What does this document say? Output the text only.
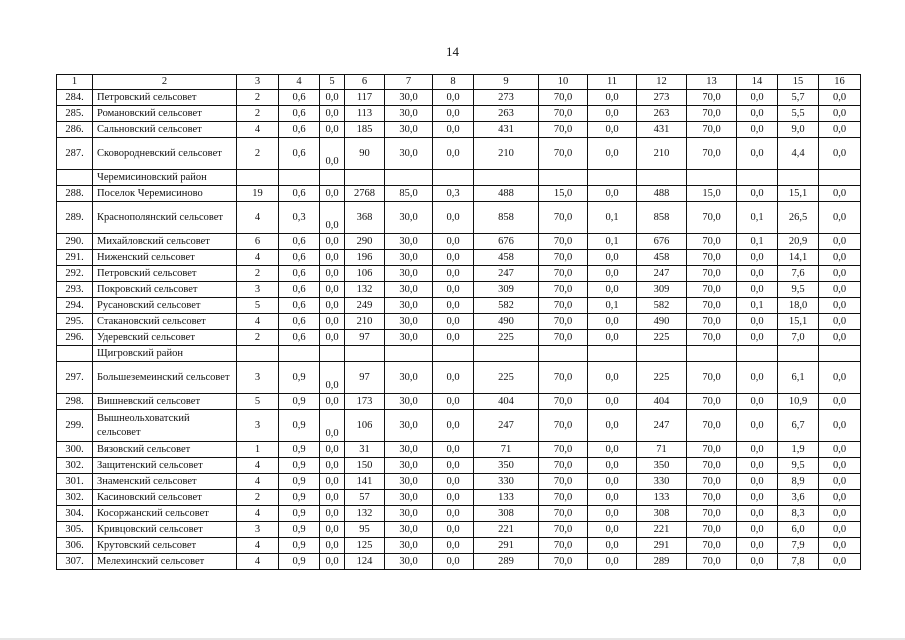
14
1	2	3	4	5	6	7	8	9	10	11	12	13	14	15	16
284.	Петровский сельсовет	2	0,6	0,0	117	30,0	0,0	273	70,0	0,0	273	70,0	0,0	5,7	0,0
285.	Романовский сельсовет	2	0,6	0,0	113	30,0	0,0	263	70,0	0,0	263	70,0	0,0	5,5	0,0
286.	Сальновский сельсовет	4	0,6	0,0	185	30,0	0,0	431	70,0	0,0	431	70,0	0,0	9,0	0,0
287.	Сковородневский сельсовет	2	0,6	0,0	90	30,0	0,0	210	70,0	0,0	210	70,0	0,0	4,4	0,0
	Черемисиновский район														
288.	Поселок Черемисиново	19	0,6	0,0	2768	85,0	0,3	488	15,0	0,0	488	15,0	0,0	15,1	0,0
289.	Краснополянский сельсовет	4	0,3	0,0	368	30,0	0,0	858	70,0	0,1	858	70,0	0,1	26,5	0,0
290.	Михайловский сельсовет	6	0,6	0,0	290	30,0	0,0	676	70,0	0,1	676	70,0	0,1	20,9	0,0
291.	Ниженский сельсовет	4	0,6	0,0	196	30,0	0,0	458	70,0	0,0	458	70,0	0,0	14,1	0,0
292.	Петровский сельсовет	2	0,6	0,0	106	30,0	0,0	247	70,0	0,0	247	70,0	0,0	7,6	0,0
293.	Покровский сельсовет	3	0,6	0,0	132	30,0	0,0	309	70,0	0,0	309	70,0	0,0	9,5	0,0
294.	Русановский сельсовет	5	0,6	0,0	249	30,0	0,0	582	70,0	0,1	582	70,0	0,1	18,0	0,0
295.	Стакановский сельсовет	4	0,6	0,0	210	30,0	0,0	490	70,0	0,0	490	70,0	0,0	15,1	0,0
296.	Удеревский сельсовет	2	0,6	0,0	97	30,0	0,0	225	70,0	0,0	225	70,0	0,0	7,0	0,0
	Щигровский район														
297.	Большеземеинский сельсовет	3	0,9	0,0	97	30,0	0,0	225	70,0	0,0	225	70,0	0,0	6,1	0,0
298.	Вишневский сельсовет	5	0,9	0,0	173	30,0	0,0	404	70,0	0,0	404	70,0	0,0	10,9	0,0
299.	Вышнеольховатский сельсовет	3	0,9	0,0	106	30,0	0,0	247	70,0	0,0	247	70,0	0,0	6,7	0,0
300.	Вязовский сельсовет	1	0,9	0,0	31	30,0	0,0	71	70,0	0,0	71	70,0	0,0	1,9	0,0
302.	Защитенский сельсовет	4	0,9	0,0	150	30,0	0,0	350	70,0	0,0	350	70,0	0,0	9,5	0,0
301.	Знаменский сельсовет	4	0,9	0,0	141	30,0	0,0	330	70,0	0,0	330	70,0	0,0	8,9	0,0
302.	Касиновский сельсовет	2	0,9	0,0	57	30,0	0,0	133	70,0	0,0	133	70,0	0,0	3,6	0,0
304.	Косоржанский сельсовет	4	0,9	0,0	132	30,0	0,0	308	70,0	0,0	308	70,0	0,0	8,3	0,0
305.	Кривцовский сельсовет	3	0,9	0,0	95	30,0	0,0	221	70,0	0,0	221	70,0	0,0	6,0	0,0
306.	Крутовский сельсовет	4	0,9	0,0	125	30,0	0,0	291	70,0	0,0	291	70,0	0,0	7,9	0,0
307.	Мелехинский сельсовет	4	0,9	0,0	124	30,0	0,0	289	70,0	0,0	289	70,0	0,0	7,8	0,0
